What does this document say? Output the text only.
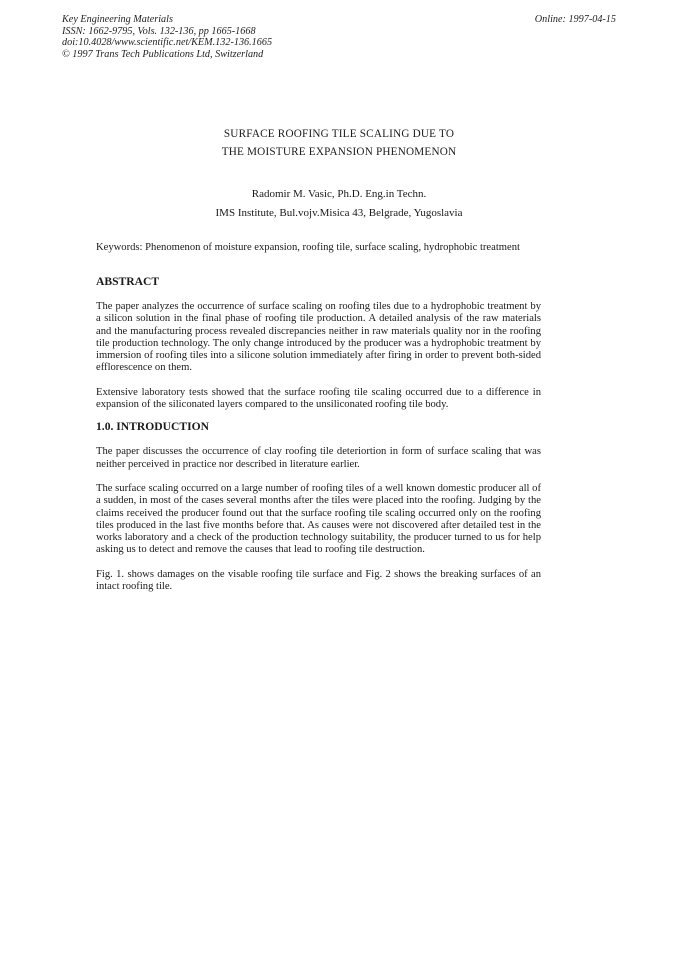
Key Engineering Materials
ISSN: 1662-9795, Vols. 132-136, pp 1665-1668
doi:10.4028/www.scientific.net/KEM.132-136.1665
© 1997 Trans Tech Publications Ltd, Switzerland
Online: 1997-04-15
SURFACE ROOFING TILE SCALING DUE TO
THE MOISTURE EXPANSION PHENOMENON
Radomir M. Vasic, Ph.D. Eng.in Techn.
IMS Institute, Bul.vojv.Misica 43, Belgrade, Yugoslavia

Keywords: Phenomenon of moisture expansion, roofing tile, surface scaling, hydrophobic treatment

ABSTRACT

The paper analyzes the occurrence of surface scaling on roofing tiles due to a hydrophobic treatment by a silicon solution in the final phase of roofing tile production. A detailed analysis of the raw materials and the manufacturing process revealed discrepancies neither in raw materials quality nor in the roofing tile production technology. The only change introduced by the producer was a hydrophobic treatment by immersion of roofing tiles into a silicone solution immediately after firing in order to prevent both-sided efflorescence on them.

Extensive laboratory tests showed that the surface roofing tile scaling occurred due to a difference in expansion of the siliconated layers compared to the unsiliconated roofing tile body.

1.0. INTRODUCTION

The paper discusses the occurrence of clay roofing tile deteriortion in form of surface scaling that was neither perceived in practice nor described in literature earlier.

The surface scaling occurred on a large number of roofing tiles of a well known domestic producer all of a sudden, in most of the cases several months after the tiles were placed into the roofing. Judging by the claims received the producer found out that the surface roofing tile scaling occurred only on the roofing tiles produced in the last five months before that. As causes were not discovered after detailed test in the works laboratory and a check of the production technology suitability, the producer turned to us for help asking us to detect and remove the causes that lead to roofing tile destruction.

Fig. 1. shows damages on the visable roofing tile surface and Fig. 2 shows the breaking surfaces of an intact roofing tile.
